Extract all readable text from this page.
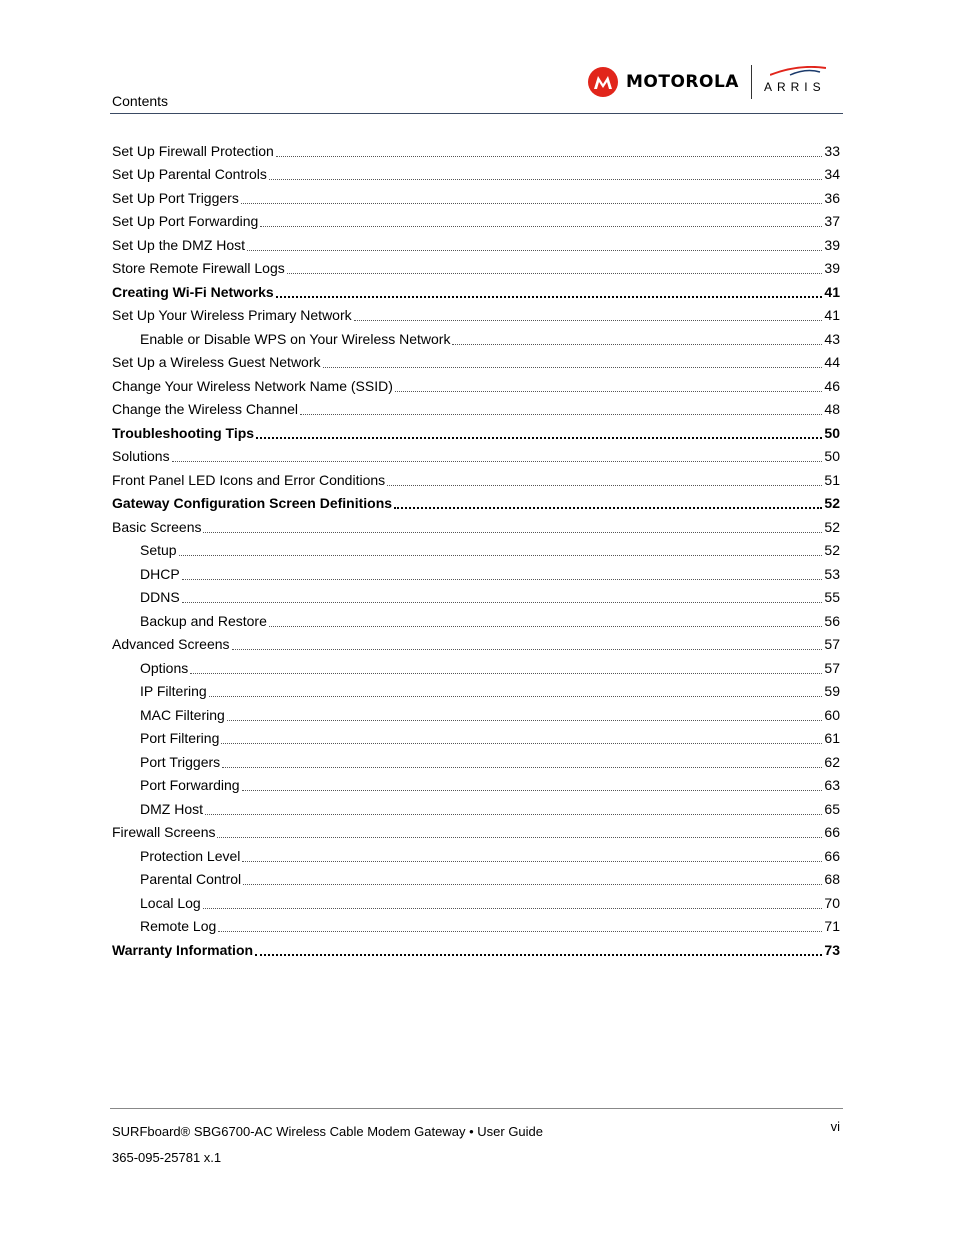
Contents
MOTOROLA ARRIS
Set Up Firewall Protection	33
Set Up Parental Controls	34
Set Up Port Triggers	36
Set Up Port Forwarding	37
Set Up the DMZ Host	39
Store Remote Firewall Logs	39
Creating Wi-Fi Networks	41
Set Up Your Wireless Primary Network	41
Enable or Disable WPS on Your Wireless Network	43
Set Up a Wireless Guest Network	44
Change Your Wireless Network Name (SSID)	46
Change the Wireless Channel	48
Troubleshooting Tips	50
Solutions	50
Front Panel LED Icons and Error Conditions	51
Gateway Configuration Screen Definitions	52
Basic Screens	52
Setup	52
DHCP	53
DDNS	55
Backup and Restore	56
Advanced Screens	57
Options	57
IP Filtering	59
MAC Filtering	60
Port Filtering	61
Port Triggers	62
Port Forwarding	63
DMZ Host	65
Firewall Screens	66
Protection Level	66
Parental Control	68
Local Log	70
Remote Log	71
Warranty Information	73
SURFboard® SBG6700-AC Wireless Cable Modem Gateway • User Guide
365-095-25781 x.1
vi
